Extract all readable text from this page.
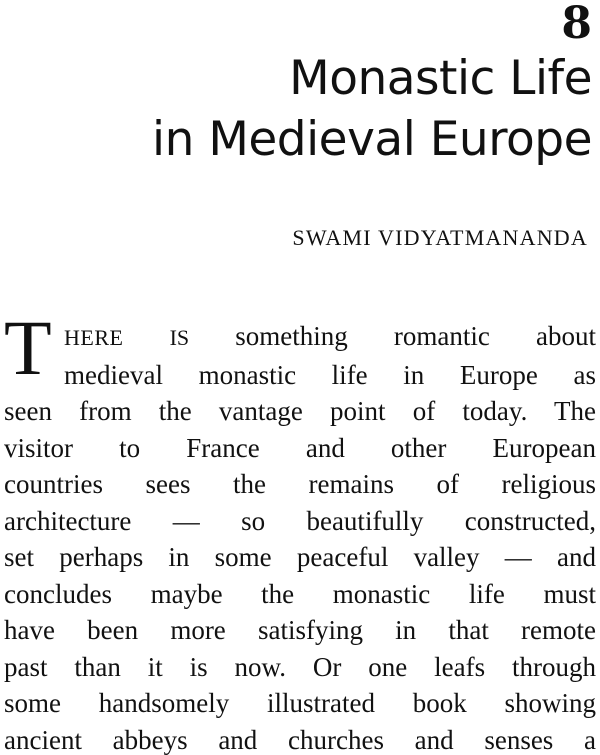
8
Monastic Life
in Medieval Europe

SWAMI VIDYATMANANDA

T HERE IS something romantic about
medieval monastic life in Europe as
seen from the vantage point of today. The
visitor to France and other European
countries sees the remains of religious
architecture — so beautifully constructed,
set perhaps in some peaceful valley — and
concludes maybe the monastic life must
have been more satisfying in that remote
past than it is now. Or one leafs through
some handsomely illustrated book showing
ancient abbeys and churches and senses a
